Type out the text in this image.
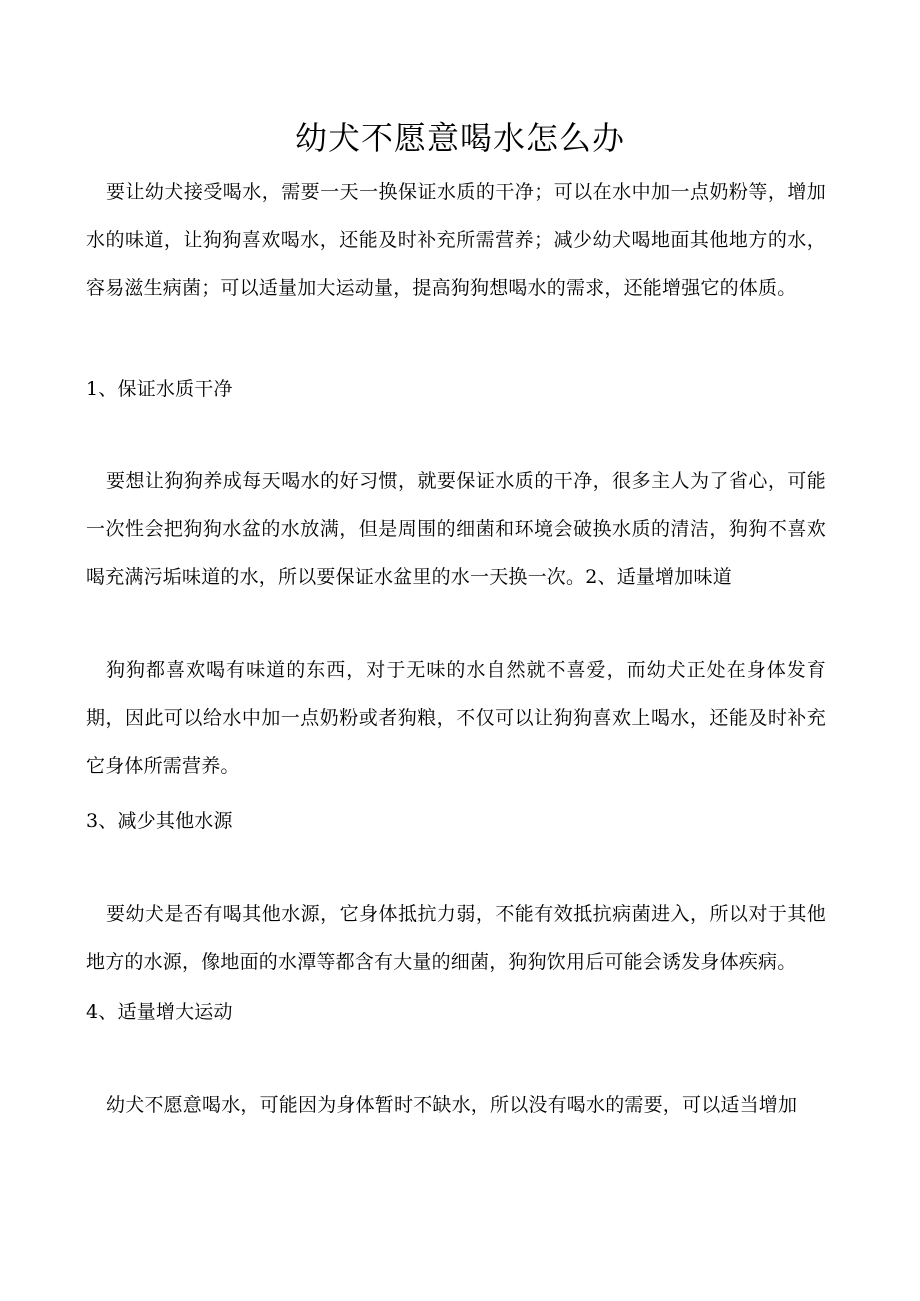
幼犬不愿意喝水怎么办

要让幼犬接受喝水，需要一天一换保证水质的干净；可以在水中加一点奶粉等，增加水的味道，让狗狗喜欢喝水，还能及时补充所需营养；减少幼犬喝地面其他地方的水，容易滋生病菌；可以适量加大运动量，提高狗狗想喝水的需求，还能增强它的体质。

1、保证水质干净

要想让狗狗养成每天喝水的好习惯，就要保证水质的干净，很多主人为了省心，可能一次性会把狗狗水盆的水放满，但是周围的细菌和环境会破换水质的清洁，狗狗不喜欢喝充满污垢味道的水，所以要保证水盆里的水一天换一次。2、适量增加味道

狗狗都喜欢喝有味道的东西，对于无味的水自然就不喜爱，而幼犬正处在身体发育期，因此可以给水中加一点奶粉或者狗粮，不仅可以让狗狗喜欢上喝水，还能及时补充它身体所需营养。

3、减少其他水源

要幼犬是否有喝其他水源，它身体抵抗力弱，不能有效抵抗病菌进入，所以对于其他地方的水源，像地面的水潭等都含有大量的细菌，狗狗饮用后可能会诱发身体疾病。

4、适量增大运动

幼犬不愿意喝水，可能因为身体暂时不缺水，所以没有喝水的需要，可以适当增加
